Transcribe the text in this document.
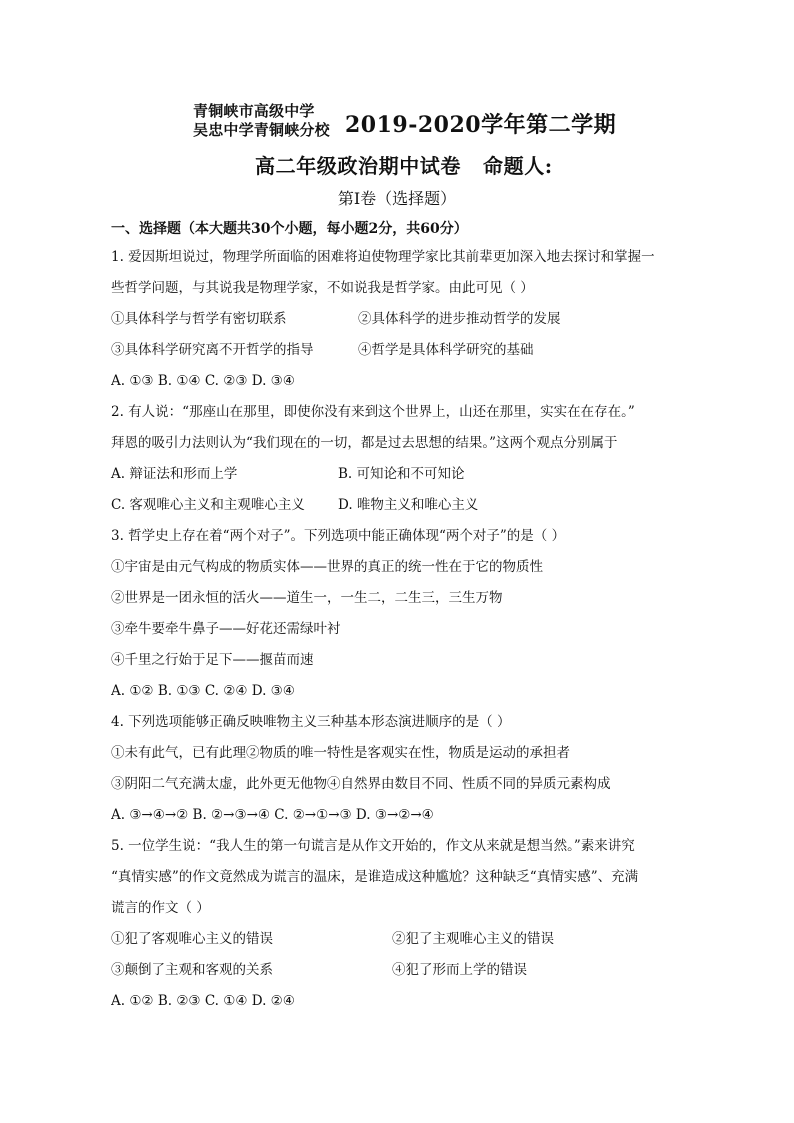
青铜峡市高级中学
吴忠中学青铜峡分校 2019-2020学年第二学期
高二年级政治期中试卷 命题人:
第Ⅰ卷（选择题）
一、选择题（本大题共30个小题，每小题2分，共60分）
1. 爱因斯坦说过，物理学所面临的困难将迫使物理学家比其前辈更加深入地去探讨和掌握一
些哲学问题，与其说我是物理学家，不如说我是哲学家。由此可见（ ）
①具体科学与哲学有密切联系	②具体科学的进步推动哲学的发展
③具体科学研究离不开哲学的指导	④哲学是具体科学研究的基础
A. ①③ B. ①④ C. ②③ D. ③④
2. 有人说：“那座山在那里，即使你没有来到这个世界上，山还在那里，实实在在存在。”
拜恩的吸引力法则认为“我们现在的一切，都是过去思想的结果。”这两个观点分别属于
A. 辩证法和形而上学	B. 可知论和不可知论
C. 客观唯心主义和主观唯心主义 D. 唯物主义和唯心主义
3. 哲学史上存在着“两个对子”。下列选项中能正确体现“两个对子”的是（ ）
①宇宙是由元气构成的物质实体——世界的真正的统一性在于它的物质性
②世界是一团永恒的活火——道生一，一生二，二生三，三生万物
③牵牛要牵牛鼻子——好花还需绿叶衬
④千里之行始于足下——揠苗而速
A. ①② B. ①③ C. ②④ D. ③④
4. 下列选项能够正确反映唯物主义三种基本形态演进顺序的是（ ）
①未有此气，已有此理②物质的唯一特性是客观实在性，物质是运动的承担者
③阴阳二气充满太虚，此外更无他物④自然界由数目不同、性质不同的异质元素构成
A. ③→④→② B. ②→③→④ C. ②→①→③ D. ③→②→④
5. 一位学生说：“我人生的第一句谎言是从作文开始的，作文从来就是想当然。”素来讲究
“真情实感”的作文竟然成为谎言的温床，是谁造成这种尴尬？这种缺乏“真情实感”、充满
谎言的作文（ ）
①犯了客观唯心主义的错误	②犯了主观唯心主义的错误
③颠倒了主观和客观的关系	④犯了形而上学的错误
A. ①② B. ②③ C. ①④ D. ②④
